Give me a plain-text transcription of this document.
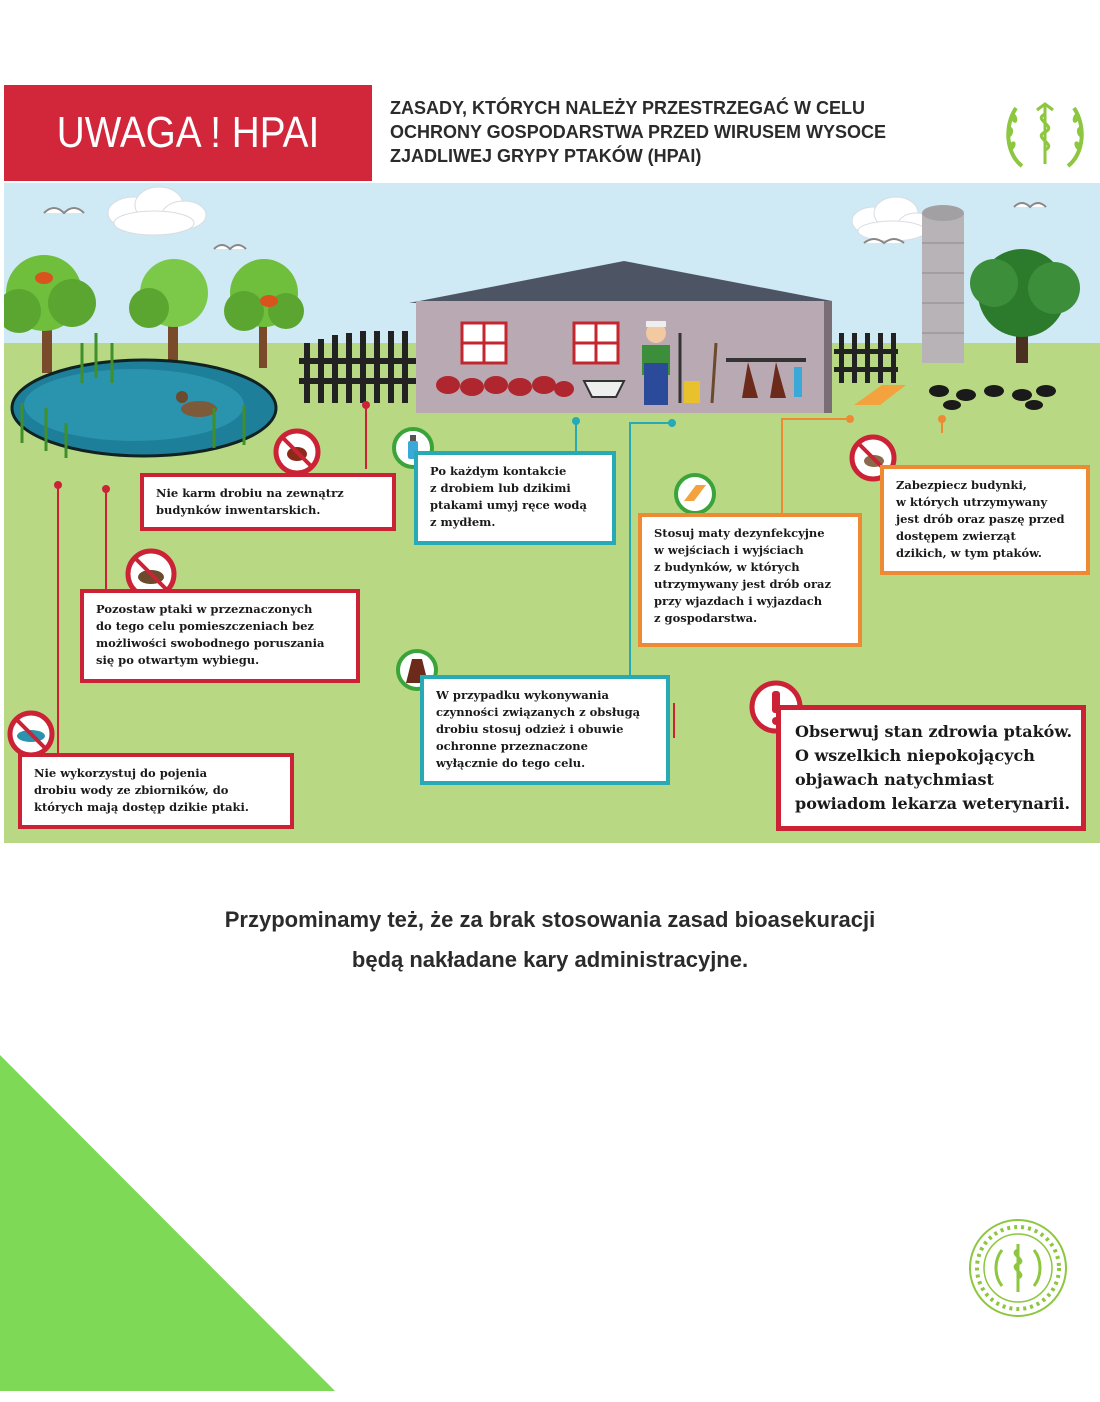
UWAGA ! HPAI	ZASADY, KTÓRYCH NALEŻY PRZESTRZEGAĆ W CELU
OCHRONY GOSPODARSTWA PRZED WIRUSEM WYSOCE
ZJADLIWEJ GRYPY PTAKÓW (HPAI)
Nie karm drobiu na zewnątrz
budynków inwentarskich.
Po każdym kontakcie
z drobiem lub dzikimi
ptakami umyj ręce wodą
z mydłem.
Stosuj maty dezynfekcyjne
w wejściach i wyjściach
z budynków, w których
utrzymywany jest drób oraz
przy wjazdach i wyjazdach
z gospodarstwa.
Zabezpiecz budynki,
w których utrzymywany
jest drób oraz paszę przed
dostępem zwierząt
dzikich, w tym ptaków.
Pozostaw ptaki w przeznaczonych
do tego celu pomieszczeniach bez
możliwości swobodnego poruszania
się po otwartym wybiegu.
W przypadku wykonywania
czynności związanych z obsługą
drobiu stosuj odzież i obuwie
ochronne przeznaczone
wyłącznie do tego celu.
Obserwuj stan zdrowia ptaków.
O wszelkich niepokojących
objawach natychmiast
powiadom lekarza weterynarii.
Nie wykorzystuj do pojenia
drobiu wody ze zbiorników, do
których mają dostęp dzikie ptaki.
Przypominamy też, że za brak stosowania zasad bioasekuracji
będą nakładane kary administracyjne.
